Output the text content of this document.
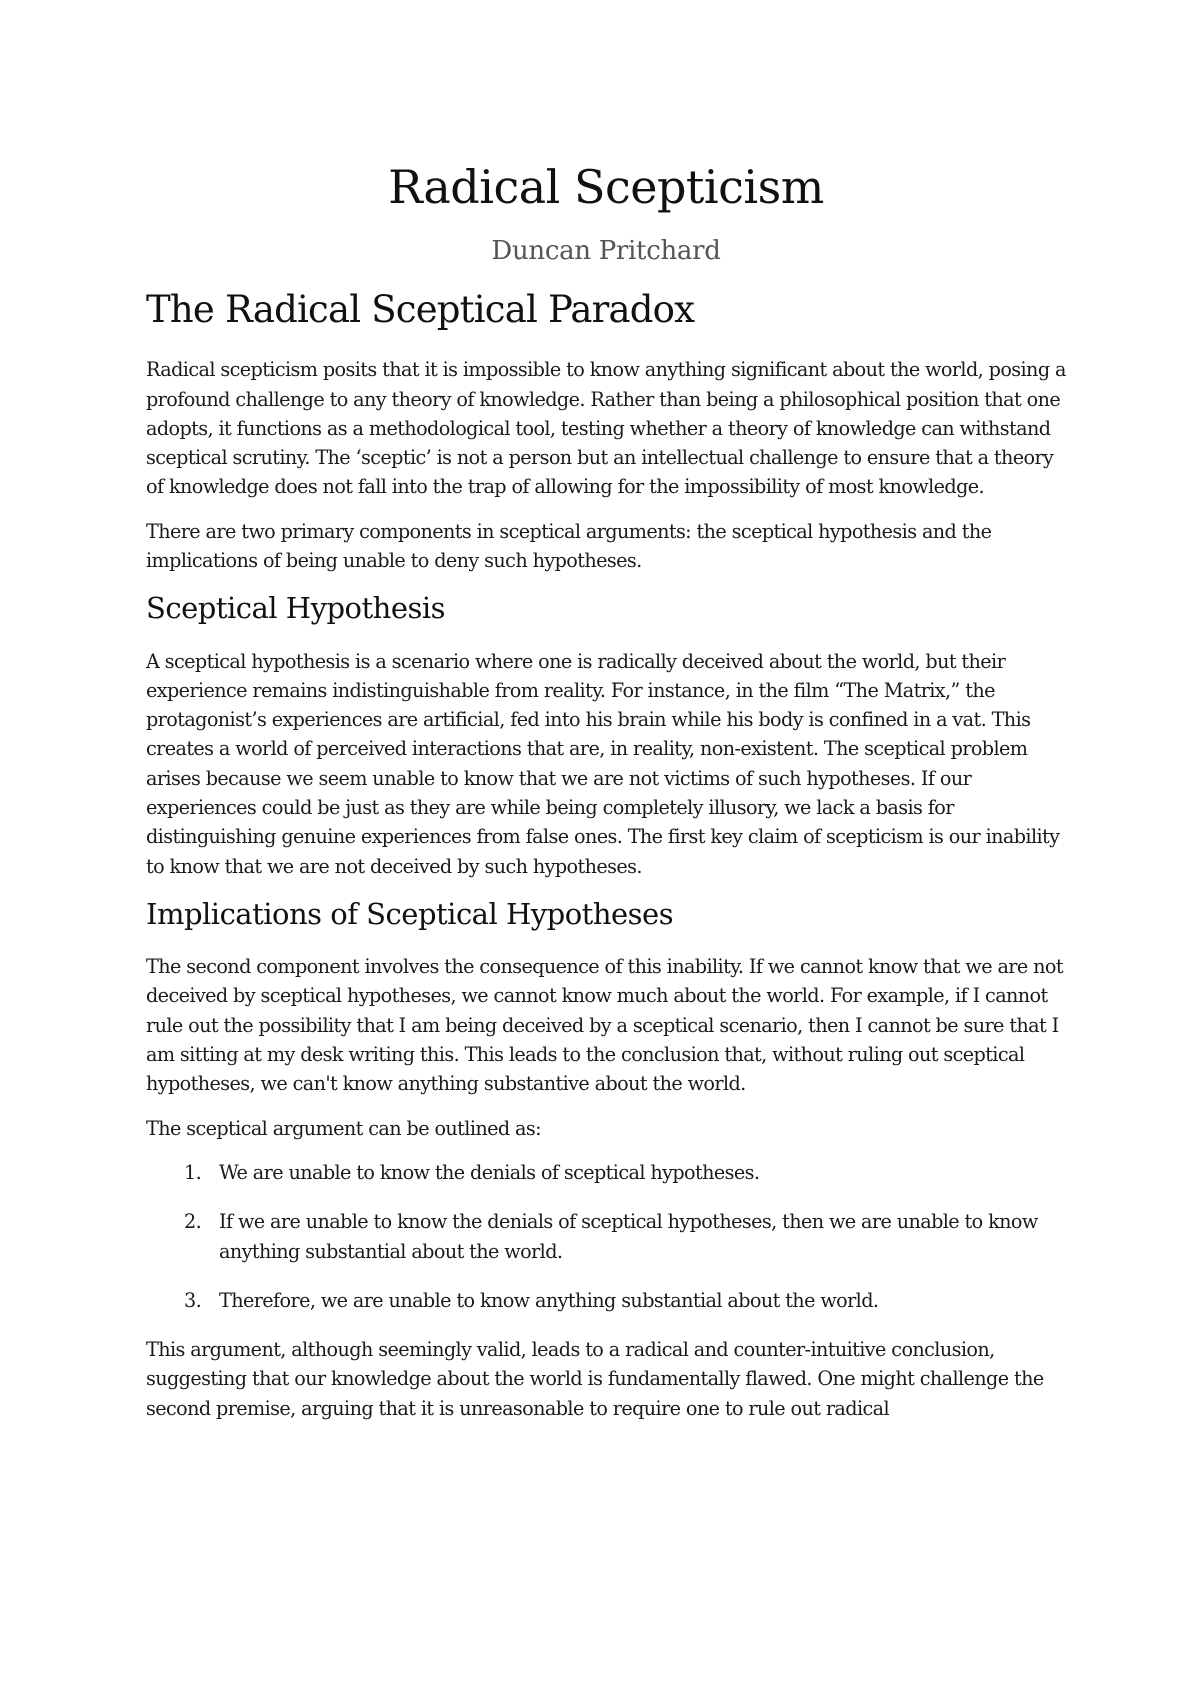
Radical Scepticism
Duncan Pritchard
The Radical Sceptical Paradox

Radical scepticism posits that it is impossible to know anything significant about the world, posing a profound challenge to any theory of knowledge. Rather than being a philosophical position that one adopts, it functions as a methodological tool, testing whether a theory of knowledge can withstand sceptical scrutiny. The ‘sceptic’ is not a person but an intellectual challenge to ensure that a theory of knowledge does not fall into the trap of allowing for the impossibility of most knowledge.

There are two primary components in sceptical arguments: the sceptical hypothesis and the implications of being unable to deny such hypotheses.

Sceptical Hypothesis

A sceptical hypothesis is a scenario where one is radically deceived about the world, but their experience remains indistinguishable from reality. For instance, in the film “The Matrix,” the protagonist’s experiences are artificial, fed into his brain while his body is confined in a vat. This creates a world of perceived interactions that are, in reality, non-existent. The sceptical problem arises because we seem unable to know that we are not victims of such hypotheses. If our experiences could be just as they are while being completely illusory, we lack a basis for distinguishing genuine experiences from false ones. The first key claim of scepticism is our inability to know that we are not deceived by such hypotheses.

Implications of Sceptical Hypotheses

The second component involves the consequence of this inability. If we cannot know that we are not deceived by sceptical hypotheses, we cannot know much about the world. For example, if I cannot rule out the possibility that I am being deceived by a sceptical scenario, then I cannot be sure that I am sitting at my desk writing this. This leads to the conclusion that, without ruling out sceptical hypotheses, we can't know anything substantive about the world.

The sceptical argument can be outlined as:

1. We are unable to know the denials of sceptical hypotheses.
2. If we are unable to know the denials of sceptical hypotheses, then we are unable to know anything substantial about the world.
3. Therefore, we are unable to know anything substantial about the world.

This argument, although seemingly valid, leads to a radical and counter-intuitive conclusion, suggesting that our knowledge about the world is fundamentally flawed. One might challenge the second premise, arguing that it is unreasonable to require one to rule out radical
